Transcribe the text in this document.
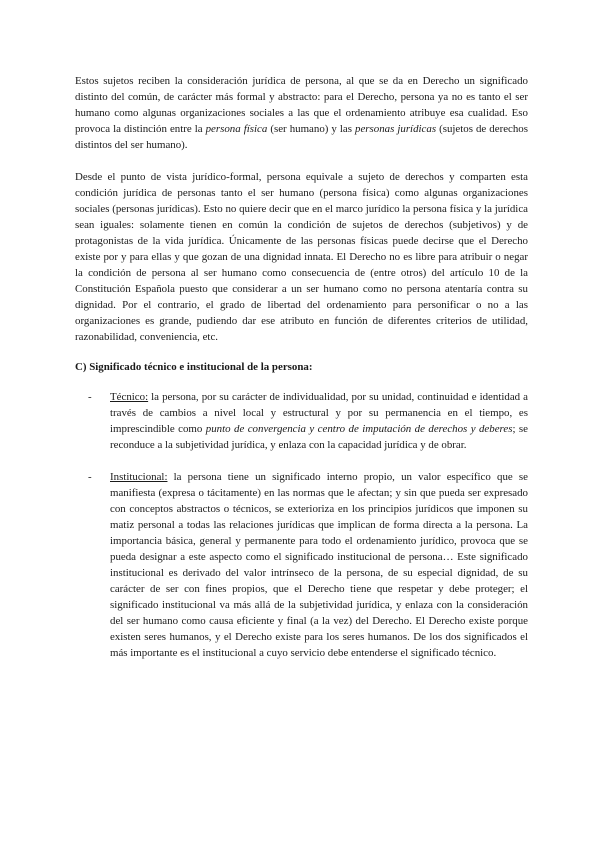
Estos sujetos reciben la consideración jurídica de persona, al que se da en Derecho un significado distinto del común, de carácter más formal y abstracto: para el Derecho, persona ya no es tanto el ser humano como algunas organizaciones sociales a las que el ordenamiento atribuye esa cualidad. Eso provoca la distinción entre la persona física (ser humano) y las personas jurídicas (sujetos de derechos distintos del ser humano).

Desde el punto de vista jurídico-formal, persona equivale a sujeto de derechos y comparten esta condición jurídica de personas tanto el ser humano (persona física) como algunas organizaciones sociales (personas jurídicas). Esto no quiere decir que en el marco jurídico la persona física y la jurídica sean iguales: solamente tienen en común la condición de sujetos de derechos (subjetivos) y de protagonistas de la vida jurídica. Únicamente de las personas físicas puede decirse que el Derecho existe por y para ellas y que gozan de una dignidad innata. El Derecho no es libre para atribuir o negar la condición de persona al ser humano como consecuencia de (entre otros) del artículo 10 de la Constitución Española puesto que considerar a un ser humano como no persona atentaría contra su dignidad. Por el contrario, el grado de libertad del ordenamiento para personificar o no a las organizaciones es grande, pudiendo dar ese atributo en función de diferentes criterios de utilidad, razonabilidad, conveniencia, etc.

C) Significado técnico e institucional de la persona:

- Técnico: la persona, por su carácter de individualidad, por su unidad, continuidad e identidad a través de cambios a nivel local y estructural y por su permanencia en el tiempo, es imprescindible como punto de convergencia y centro de imputación de derechos y deberes; se reconduce a la subjetividad jurídica, y enlaza con la capacidad jurídica y de obrar.
- Institucional: la persona tiene un significado interno propio, un valor específico que se manifiesta (expresa o tácitamente) en las normas que le afectan; y sin que pueda ser expresado con conceptos abstractos o técnicos, se exterioriza en los principios jurídicos que imponen su matiz personal a todas las relaciones jurídicas que implican de forma directa a la persona. La importancia básica, general y permanente para todo el ordenamiento jurídico, provoca que se pueda designar a este aspecto como el significado institucional de persona… Este significado institucional es derivado del valor intrínseco de la persona, de su especial dignidad, de su carácter de ser con fines propios, que el Derecho tiene que respetar y debe proteger; el significado institucional va más allá de la subjetividad jurídica, y enlaza con la consideración del ser humano como causa eficiente y final (a la vez) del Derecho. El Derecho existe porque existen seres humanos, y el Derecho existe para los seres humanos. De los dos significados el más importante es el institucional a cuyo servicio debe entenderse el significado técnico.
